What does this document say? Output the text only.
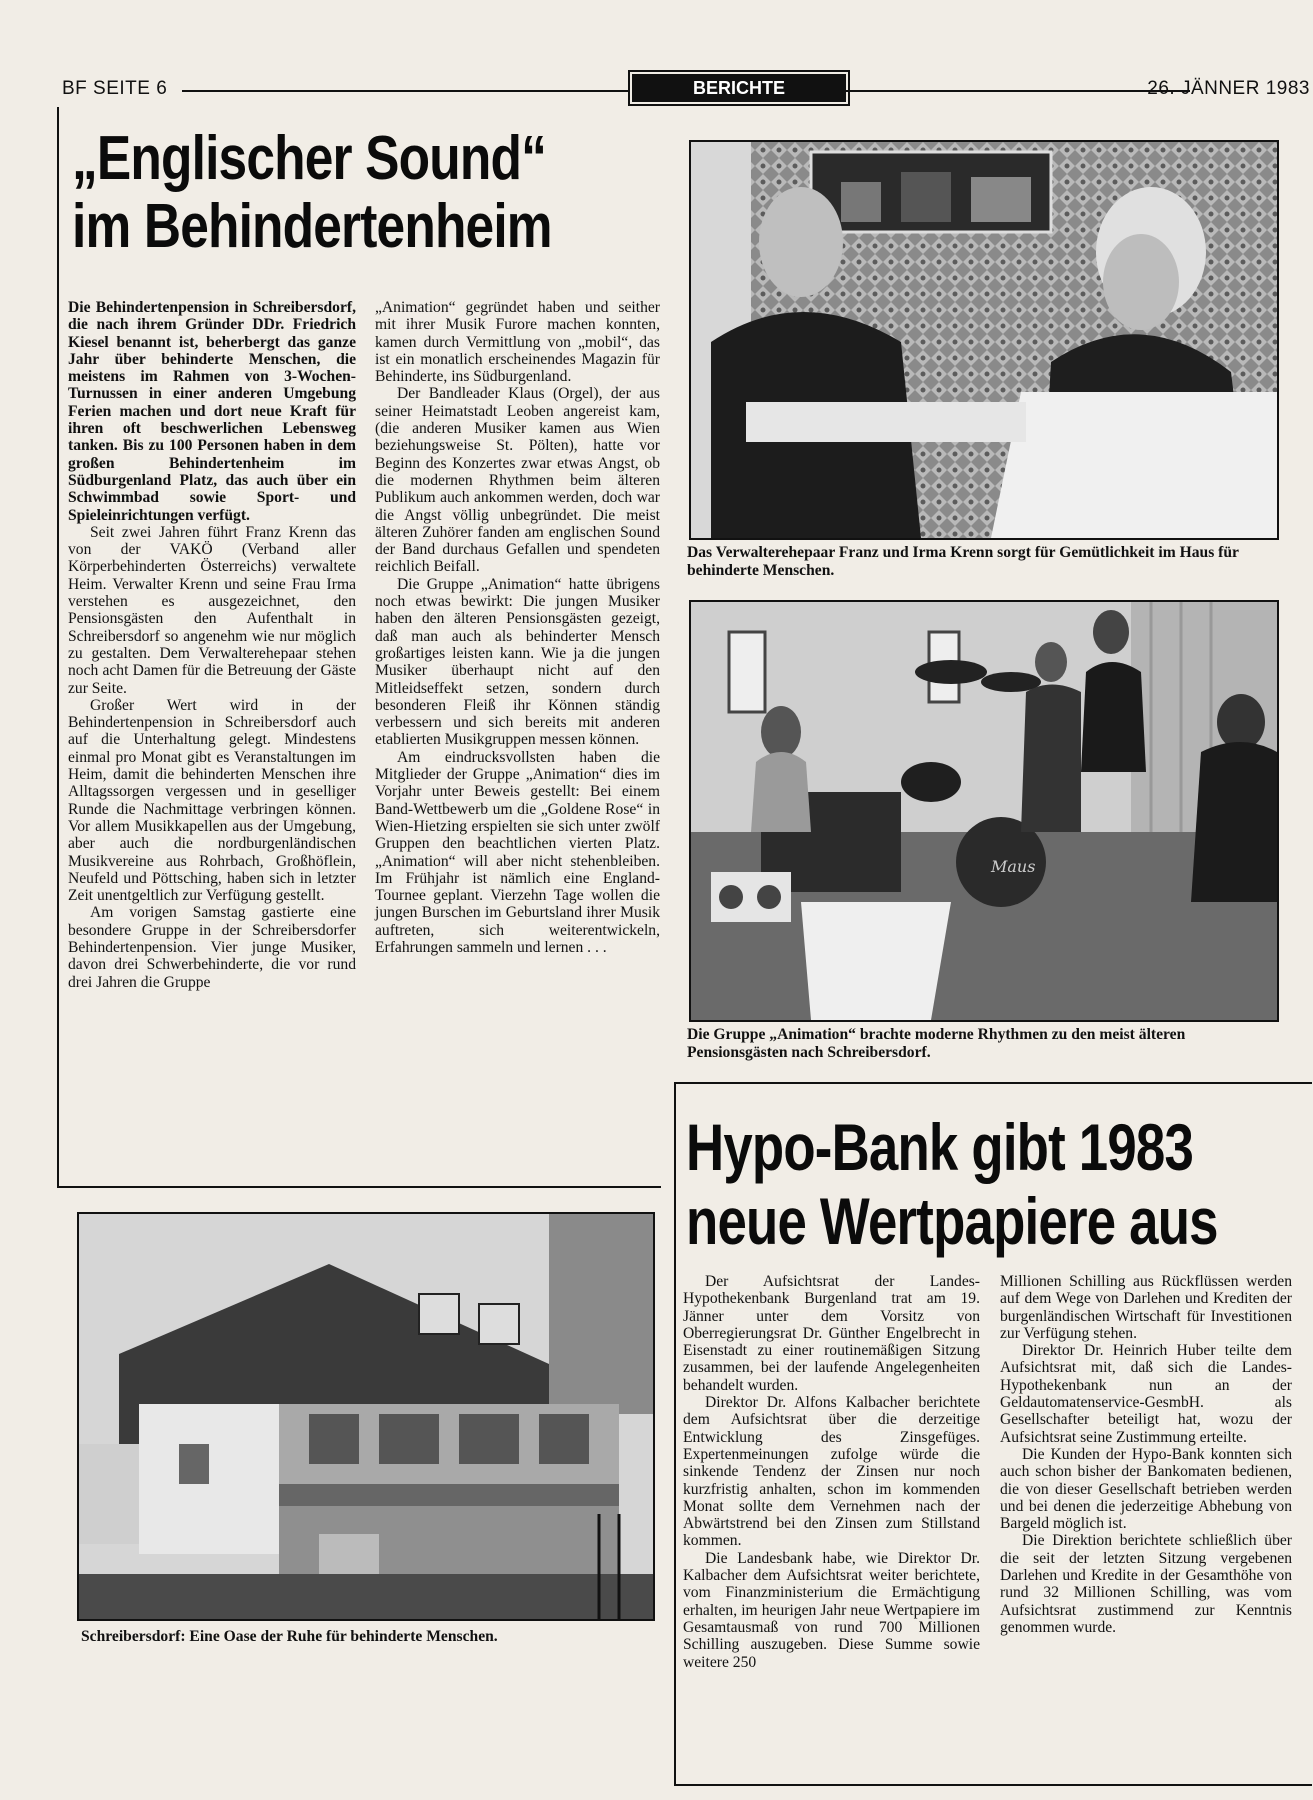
BF SEITE 6	BERICHTE	26. JÄNNER 1983
„Englischer Sound“
im Behindertenheim

Die Behindertenpension in Schreibersdorf, die nach ihrem Gründer DDr. Friedrich Kiesel benannt ist, beherbergt das ganze Jahr über behinderte Menschen, die meistens im Rahmen von 3-Wochen-Turnussen in einer anderen Umgebung Ferien machen und dort neue Kraft für ihren oft beschwerlichen Lebensweg tanken. Bis zu 100 Personen haben in dem großen Behindertenheim im Südburgenland Platz, das auch über ein Schwimmbad sowie Sport- und Spieleinrichtungen verfügt.

Seit zwei Jahren führt Franz Krenn das von der VAKÖ (Verband aller Körperbehinderten Österreichs) verwaltete Heim. Verwalter Krenn und seine Frau Irma verstehen es ausgezeichnet, den Pensionsgästen den Aufenthalt in Schreibersdorf so angenehm wie nur möglich zu gestalten. Dem Verwalterehepaar stehen noch acht Damen für die Betreuung der Gäste zur Seite.

Großer Wert wird in der Behindertenpension in Schreibersdorf auch auf die Unterhaltung gelegt. Mindestens einmal pro Monat gibt es Veranstaltungen im Heim, damit die behinderten Menschen ihre Alltagssorgen vergessen und in geselliger Runde die Nachmittage verbringen können. Vor allem Musikkapellen aus der Umgebung, aber auch die nordburgenländischen Musikvereine aus Rohrbach, Großhöflein, Neufeld und Pöttsching, haben sich in letzter Zeit unentgeltlich zur Verfügung gestellt.

Am vorigen Samstag gastierte eine besondere Gruppe in der Schreibersdorfer Behindertenpension. Vier junge Musiker, davon drei Schwerbehinderte, die vor rund drei Jahren die Gruppe

„Animation“ gegründet haben und seither mit ihrer Musik Furore machen konnten, kamen durch Vermittlung von „mobil“, das ist ein monatlich erscheinendes Magazin für Behinderte, ins Südburgenland.

Der Bandleader Klaus (Orgel), der aus seiner Heimatstadt Leoben angereist kam, (die anderen Musiker kamen aus Wien beziehungsweise St. Pölten), hatte vor Beginn des Konzertes zwar etwas Angst, ob die modernen Rhythmen beim älteren Publikum auch ankommen werden, doch war die Angst völlig unbegründet. Die meist älteren Zuhörer fanden am englischen Sound der Band durchaus Gefallen und spendeten reichlich Beifall.

Die Gruppe „Animation“ hatte übrigens noch etwas bewirkt: Die jungen Musiker haben den älteren Pensionsgästen gezeigt, daß man auch als behinderter Mensch großartiges leisten kann. Wie ja die jungen Musiker überhaupt nicht auf den Mitleidseffekt setzen, sondern durch besonderen Fleiß ihr Können ständig verbessern und sich bereits mit anderen etablierten Musikgruppen messen können.

Am eindrucksvollsten haben die Mitglieder der Gruppe „Animation“ dies im Vorjahr unter Beweis gestellt: Bei einem Band-Wettbewerb um die „Goldene Rose“ in Wien-Hietzing erspielten sie sich unter zwölf Gruppen den beachtlichen vierten Platz. „Animation“ will aber nicht stehenbleiben. Im Frühjahr ist nämlich eine England-Tournee geplant. Vierzehn Tage wollen die jungen Burschen im Geburtsland ihrer Musik auftreten, sich weiterentwickeln, Erfahrungen sammeln und lernen . . .

Das Verwalterehepaar Franz und Irma Krenn sorgt für Gemütlichkeit im Haus für behinderte Menschen.
Maus
Die Gruppe „Animation“ brachte moderne Rhythmen zu den meist älteren Pensionsgästen nach Schreibersdorf.
Schreibersdorf: Eine Oase der Ruhe für behinderte Menschen.
Hypo-Bank gibt 1983
neue Wertpapiere aus

Der Aufsichtsrat der Landes-Hypothekenbank Burgenland trat am 19. Jänner unter dem Vorsitz von Oberregierungsrat Dr. Günther Engelbrecht in Eisenstadt zu einer routinemäßigen Sitzung zusammen, bei der laufende Angelegenheiten behandelt wurden.

Direktor Dr. Alfons Kalbacher berichtete dem Aufsichtsrat über die derzeitige Entwicklung des Zinsgefüges. Expertenmeinungen zufolge würde die sinkende Tendenz der Zinsen nur noch kurzfristig anhalten, schon im kommenden Monat sollte dem Vernehmen nach der Abwärtstrend bei den Zinsen zum Stillstand kommen.

Die Landesbank habe, wie Direktor Dr. Kalbacher dem Aufsichtsrat weiter berichtete, vom Finanzministerium die Ermächtigung erhalten, im heurigen Jahr neue Wertpapiere im Gesamtausmaß von rund 700 Millionen Schilling auszugeben. Diese Summe sowie weitere 250

Millionen Schilling aus Rückflüssen werden auf dem Wege von Darlehen und Krediten der burgenländischen Wirtschaft für Investitionen zur Verfügung stehen.

Direktor Dr. Heinrich Huber teilte dem Aufsichtsrat mit, daß sich die Landes-Hypothekenbank nun an der Geldautomatenservice-GesmbH. als Gesellschafter beteiligt hat, wozu der Aufsichtsrat seine Zustimmung erteilte.

Die Kunden der Hypo-Bank konnten sich auch schon bisher der Bankomaten bedienen, die von dieser Gesellschaft betrieben werden und bei denen die jederzeitige Abhebung von Bargeld möglich ist.

Die Direktion berichtete schließlich über die seit der letzten Sitzung vergebenen Darlehen und Kredite in der Gesamthöhe von rund 32 Millionen Schilling, was vom Aufsichtsrat zustimmend zur Kenntnis genommen wurde.
